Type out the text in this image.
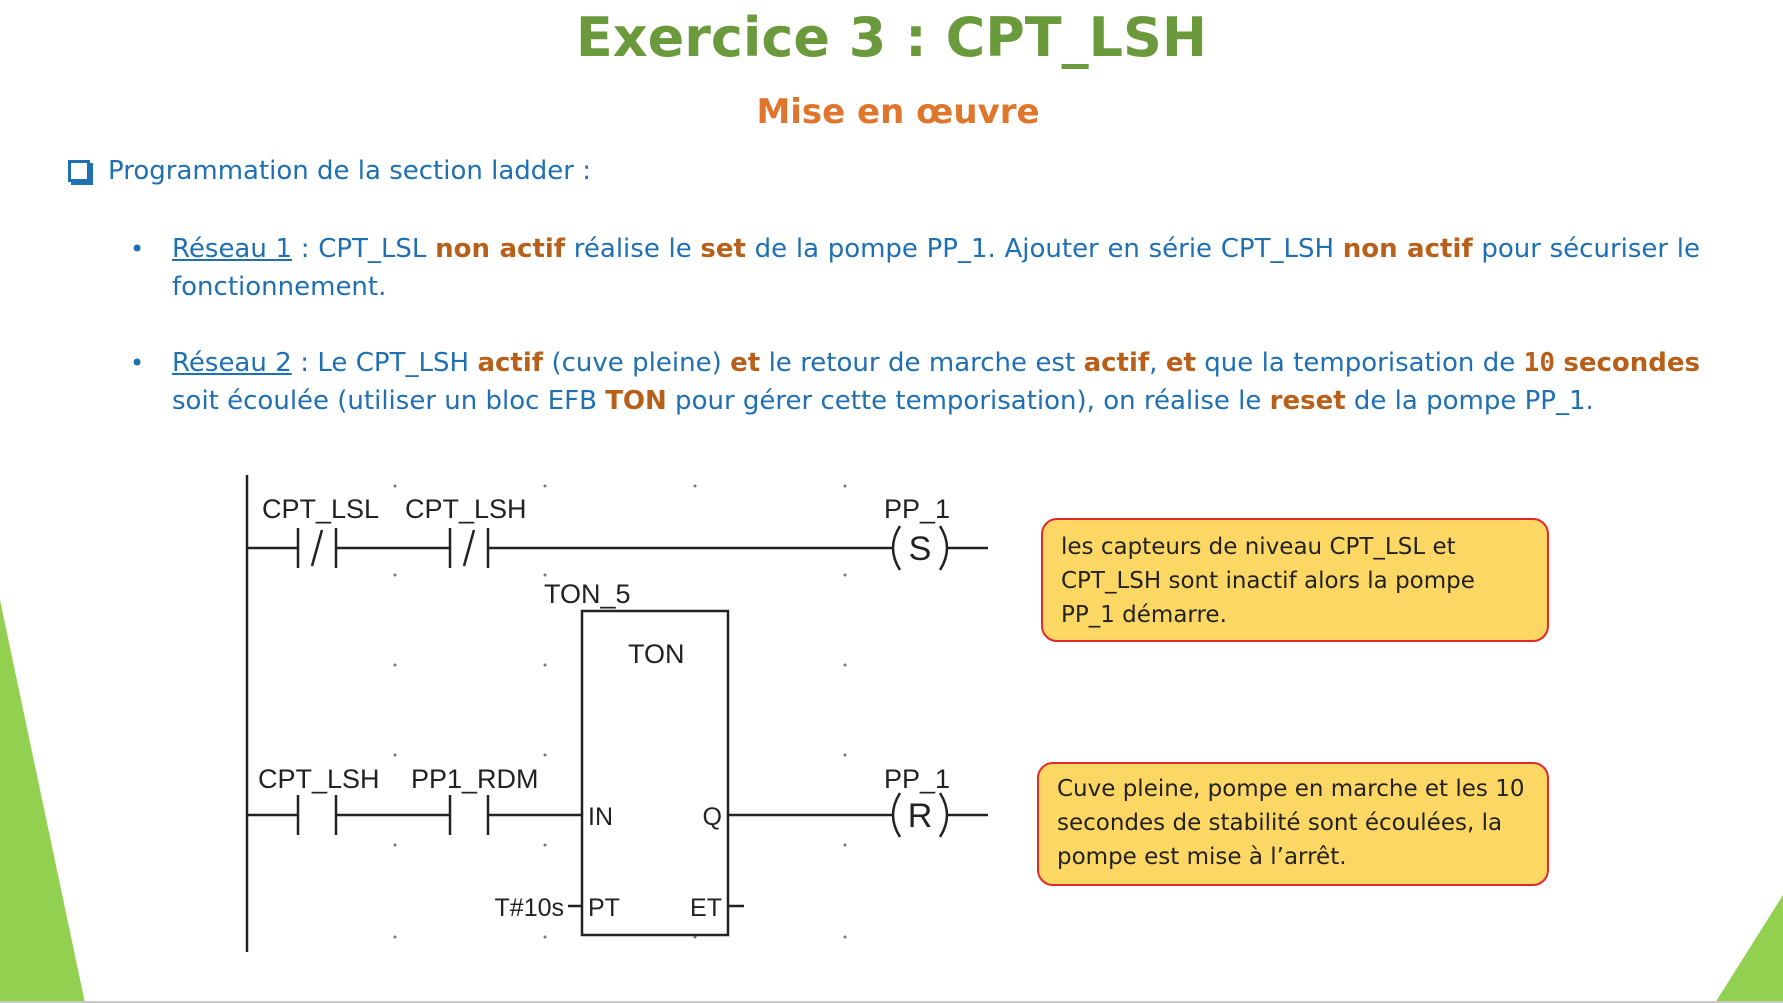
Exercice 3 : CPT_LSH
Mise en œuvre
Programmation de la section ladder :
•	Réseau 1 : CPT_LSL non actif réalise le set de la pompe PP_1. Ajouter en série CPT_LSH non actif pour sécuriser le fonctionnement.
•	Réseau 2 : Le CPT_LSH actif (cuve pleine) et le retour de marche est actif, et que la temporisation de 10 secondes soit écoulée (utiliser un bloc EFB TON pour gérer cette temporisation), on réalise le reset de la pompe PP_1.
CPT_LSL CPT_LSH	PP_1
S
TON_5
TON
CPT_LSH PP1_RDM	PP_1
R
IN	Q
PT	ET
T#10s
les capteurs de niveau CPT_LSL et
CPT_LSH sont inactif alors la pompe
PP_1 démarre.
Cuve pleine, pompe en marche et les 10
secondes de stabilité sont écoulées, la
pompe est mise à l’arrêt.
